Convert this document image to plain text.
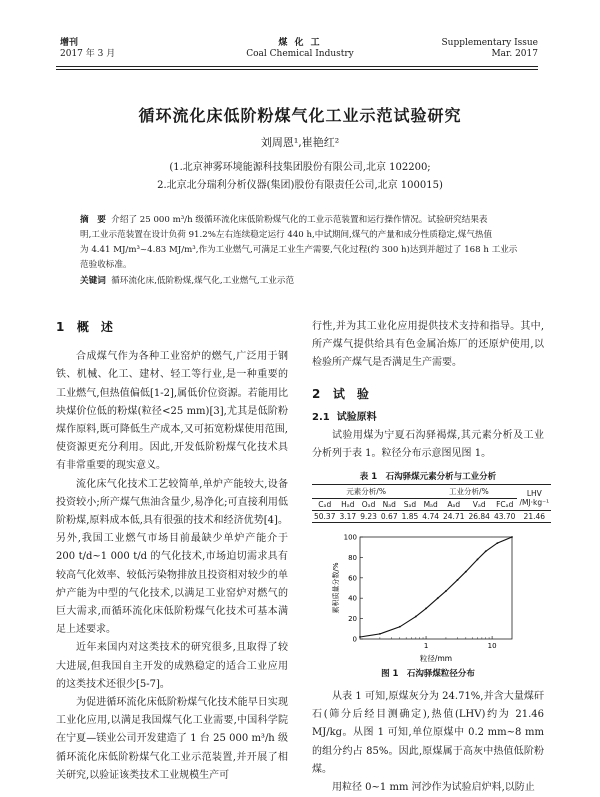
增刊
2017 年 3 月
煤 化 工
Coal Chemical Industry
Supplementary Issue
Mar. 2017
循环流化床低阶粉煤气化工业示范试验研究
刘周恩¹,崔艳红²
(1.北京神雾环境能源科技集团股份有限公司,北京 102200;
2.北京北分瑞利分析仪器(集团)股份有限责任公司,北京 100015)
摘　要 介绍了 25 000 m³/h 级循环流化床低阶粉煤气化的工业示范装置和运行操作情况。试验研究结果表
明,工业示范装置在设计负荷 91.2%左右连续稳定运行 440 h,中试期间,煤气的产量和成分性质稳定,煤气热值
为 4.41 MJ/m³~4.83 MJ/m³,作为工业燃气,可满足工业生产需要,气化过程(约 300 h)达到并超过了 168 h 工业示
范验收标准。
关键词 循环流化床,低阶粉煤,煤气化,工业燃气,工业示范
1 概　述

合成煤气作为各种工业窑炉的燃气,广泛用于钢铁、机械、化工、建材、轻工等行业,是一种重要的工业燃气,但热值偏低[1-2],属低价位资源。若能用比块煤价位低的粉煤(粒径<25 mm)[3],尤其是低阶粉煤作原料,既可降低生产成本,又可拓宽粉煤使用范围,使资源更充分利用。因此,开发低阶粉煤气化技术具有非常重要的现实意义。

流化床气化技术工艺较简单,单炉产能较大,设备投资较小;所产煤气焦油含量少,易净化;可直接利用低阶粉煤,原料成本低,具有很强的技术和经济优势[4]。另外,我国工业燃气市场目前最缺少单炉产能介于 200 t/d~1 000 t/d 的气化技术,市场迫切需求具有较高气化效率、较低污染物排放且投资相对较少的单炉产能为中型的气化技术,以满足工业窑炉对燃气的巨大需求,而循环流化床低阶粉煤气化技术可基本满足上述要求。

近年来国内对这类技术的研究很多,且取得了较大进展,但我国自主开发的成熟稳定的适合工业应用的这类技术还很少[5-7]。

为促进循环流化床低阶粉煤气化技术能早日实现工业化应用,以满足我国煤气化工业需要,中国科学院在宁夏—镁业公司开发建造了 1 台 25 000 m³/h 级循环流化床低阶粉煤气化工业示范装置,并开展了相关研究,以验证该类技术工业规模生产可

行性,并为其工业化应用提供技术支持和指导。其中,所产煤气提供给具有色金属冶炼厂的还原炉使用,以检验所产煤气是否满足生产需要。

2 试　验
2.1 试验原料

试验用煤为宁夏石沟驿褐煤,其元素分析及工业分析列于表 1。粒径分布示意图见图 1。

表 1　石沟驿煤元素分析与工业分析
元素分析/%					工业分析/%				LHV
/MJ·kg⁻¹

Cₐd	Hₐd	Oₐd	Nₐd	Sₐd	Mₐd	Aₐd	Vₐd	FCₐd	
50.37	3.17	9.23	0.67	1.85	4.74	24.71	26.84	43.70	21.46
累积质量分数/%
粒径/mm
0
20
40
60
80
100
1	10
图 1　石沟驿煤粒径分布

从表 1 可知,原煤灰分为 24.71%,并含大量煤矸石(筛分后经目测确定),热值(LHV)约为 21.46 MJ/kg。从图 1 可知,单位原煤中 0.2 mm~8 mm 的组分约占 85%。因此,原煤属于高灰中热值低阶粉煤。

用粒径 0~1 mm 河沙作为试验启炉料,以防止
